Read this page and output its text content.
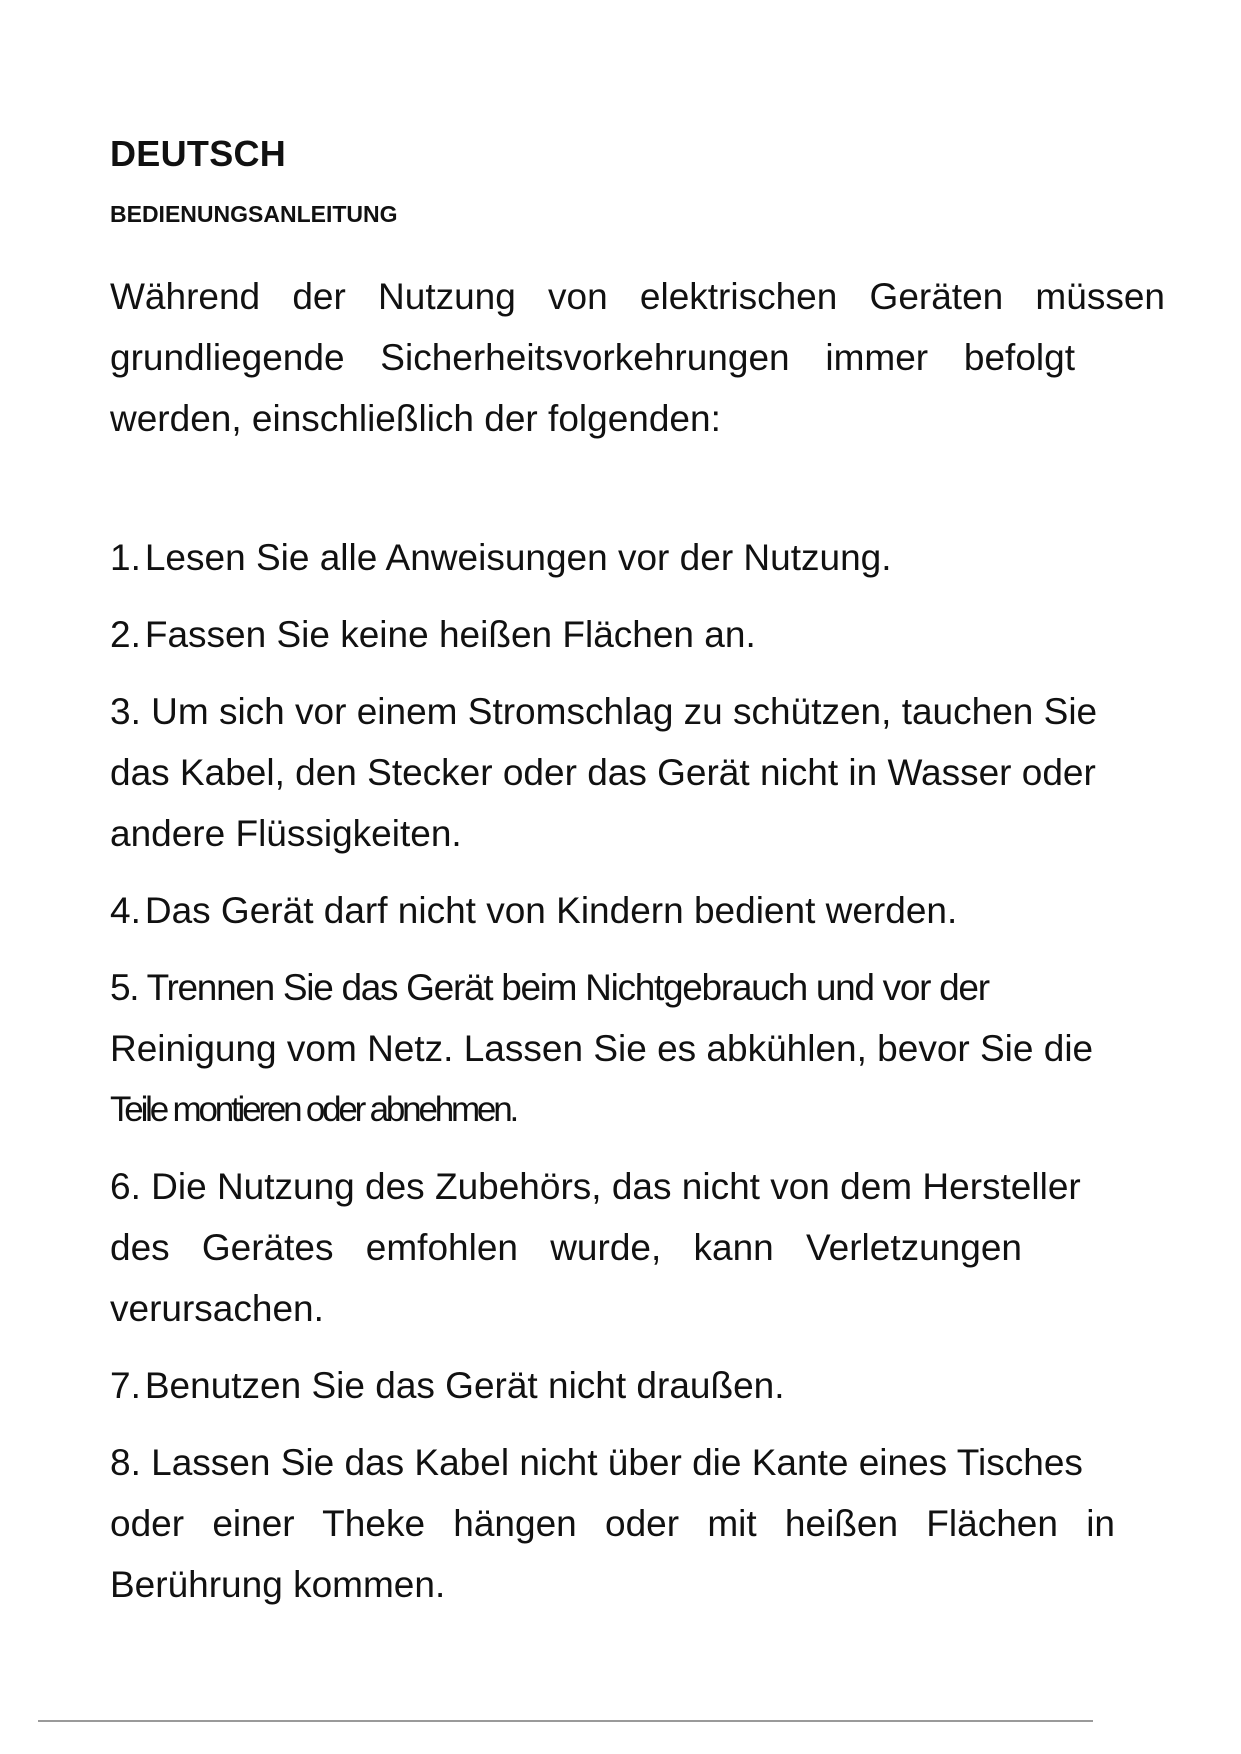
DEUTSCH
BEDIENUNGSANLEITUNG

Während der Nutzung von elektrischen Geräten müssen
grundliegende Sicherheitsvorkehrungen immer befolgt
werden, einschließlich der folgenden:

1. Lesen Sie alle Anweisungen vor der Nutzung.
2. Fassen Sie keine heißen Flächen an.
3. Um sich vor einem Stromschlag zu schützen, tauchen Sie
das Kabel, den Stecker oder das Gerät nicht in Wasser oder
andere Flüssigkeiten.
4. Das Gerät darf nicht von Kindern bedient werden.
5. Trennen Sie das Gerät beim Nichtgebrauch und vor der
Reinigung vom Netz. Lassen Sie es abkühlen, bevor Sie die
Teile montieren oder abnehmen.
6. Die Nutzung des Zubehörs, das nicht von dem Hersteller
des Gerätes emfohlen wurde, kann Verletzungen
verursachen.
7. Benutzen Sie das Gerät nicht draußen.
8. Lassen Sie das Kabel nicht über die Kante eines Tisches
oder einer Theke hängen oder mit heißen Flächen in
Berührung kommen.
